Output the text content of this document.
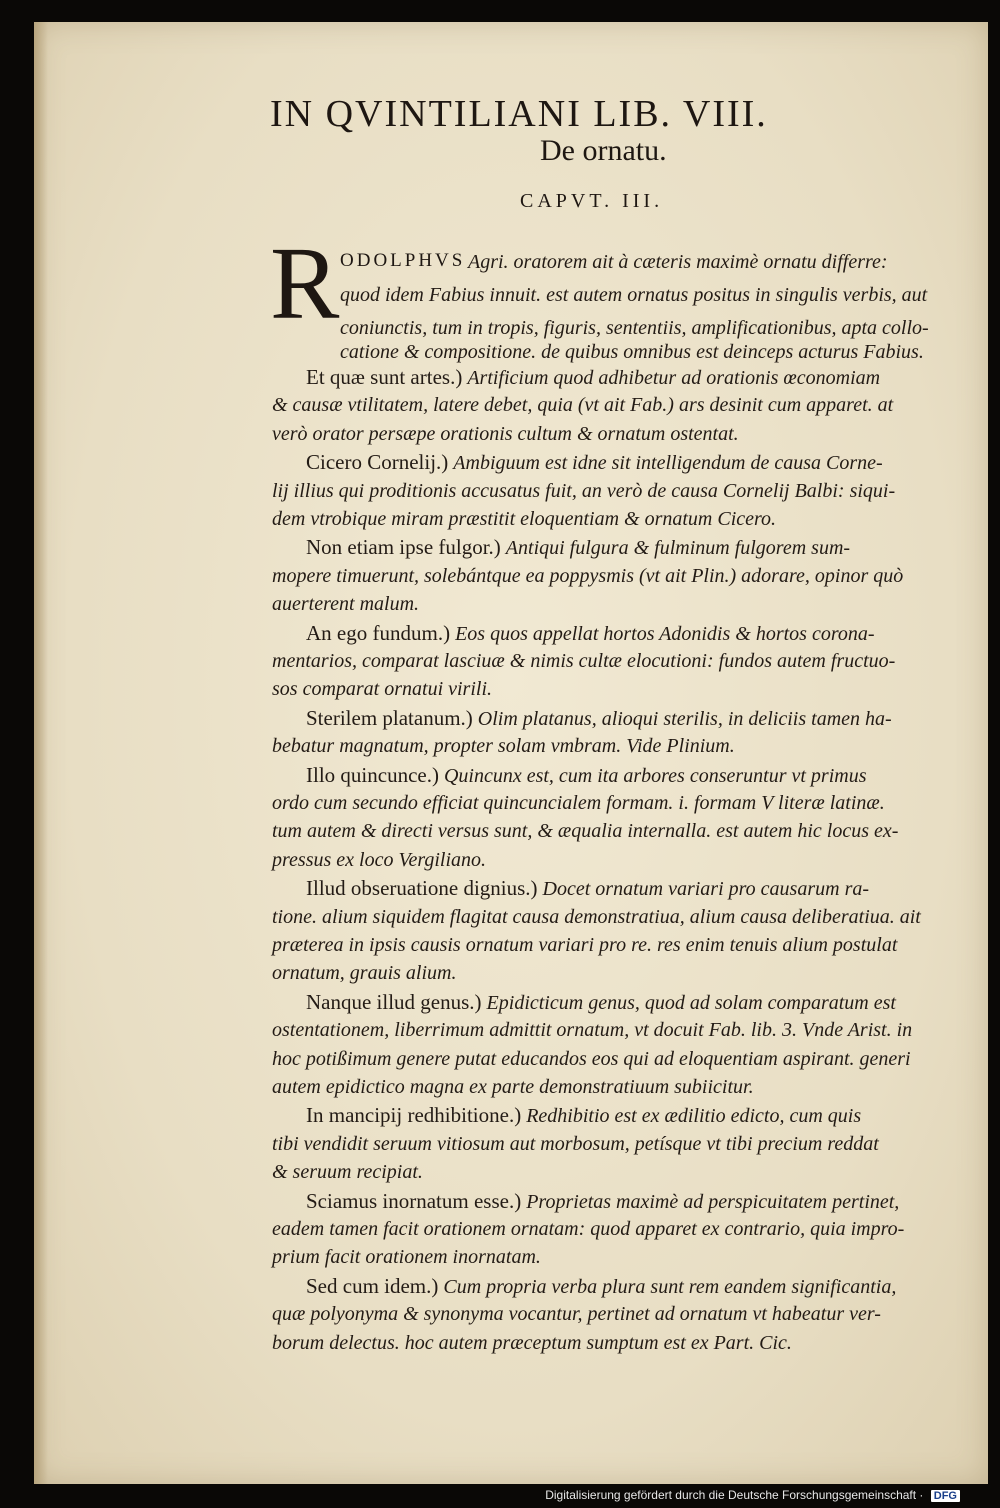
IN QVINTILIANI LIB. VIII.
De ornatu.
CAPVT. III.
R ODOLPHVS Agri. oratorem ait à cæteris maximè ornatu differre:
quod idem Fabius innuit. est autem ornatus positus in singulis verbis, aut
coniunctis, tum in tropis, figuris, sententiis, amplificationibus, apta collo-
catione & compositione. de quibus omnibus est deinceps acturus Fabius.
Et quæ sunt artes.) Artificium quod adhibetur ad orationis œconomiam
& causæ vtilitatem, latere debet, quia (vt ait Fab.) ars desinit cum apparet. at
verò orator persæpe orationis cultum & ornatum ostentat.
Cicero Cornelij.) Ambiguum est idne sit intelligendum de causa Corne-
lij illius qui proditionis accusatus fuit, an verò de causa Cornelij Balbi: siqui-
dem vtrobique miram præstitit eloquentiam & ornatum Cicero.
Non etiam ipse fulgor.) Antiqui fulgura & fulminum fulgorem sum-
mopere timuerunt, solebántque ea poppysmis (vt ait Plin.) adorare, opinor quò
auerterent malum.
An ego fundum.) Eos quos appellat hortos Adonidis & hortos corona-
mentarios, comparat lasciuæ & nimis cultæ elocutioni: fundos autem fructuo-
sos comparat ornatui virili.
Sterilem platanum.) Olim platanus, alioqui sterilis, in deliciis tamen ha-
bebatur magnatum, propter solam vmbram. Vide Plinium.
Illo quincunce.) Quincunx est, cum ita arbores conseruntur vt primus
ordo cum secundo efficiat quincuncialem formam. i. formam V literæ latinæ.
tum autem & directi versus sunt, & æqualia internalla. est autem hic locus ex-
pressus ex loco Vergiliano.
Illud obseruatione dignius.) Docet ornatum variari pro causarum ra-
tione. alium siquidem flagitat causa demonstratiua, alium causa deliberatiua. ait
præterea in ipsis causis ornatum variari pro re. res enim tenuis alium postulat
ornatum, grauis alium.
Nanque illud genus.) Epidicticum genus, quod ad solam comparatum est
ostentationem, liberrimum admittit ornatum, vt docuit Fab. lib. 3. Vnde Arist. in
hoc potißimum genere putat educandos eos qui ad eloquentiam aspirant. generi
autem epidictico magna ex parte demonstratiuum subiicitur.
In mancipij redhibitione.) Redhibitio est ex ædilitio edicto, cum quis
tibi vendidit seruum vitiosum aut morbosum, petísque vt tibi precium reddat
& seruum recipiat.
Sciamus inornatum esse.) Proprietas maximè ad perspicuitatem pertinet,
eadem tamen facit orationem ornatam: quod apparet ex contrario, quia impro-
prium facit orationem inornatam.
Sed cum idem.) Cum propria verba plura sunt rem eandem significantia,
quæ polyonyma & synonyma vocantur, pertinet ad ornatum vt habeatur ver-
borum delectus. hoc autem præceptum sumptum est ex Part. Cic.
Digitalisierung gefördert durch die Deutsche Forschungsgemeinschaft · DFG
